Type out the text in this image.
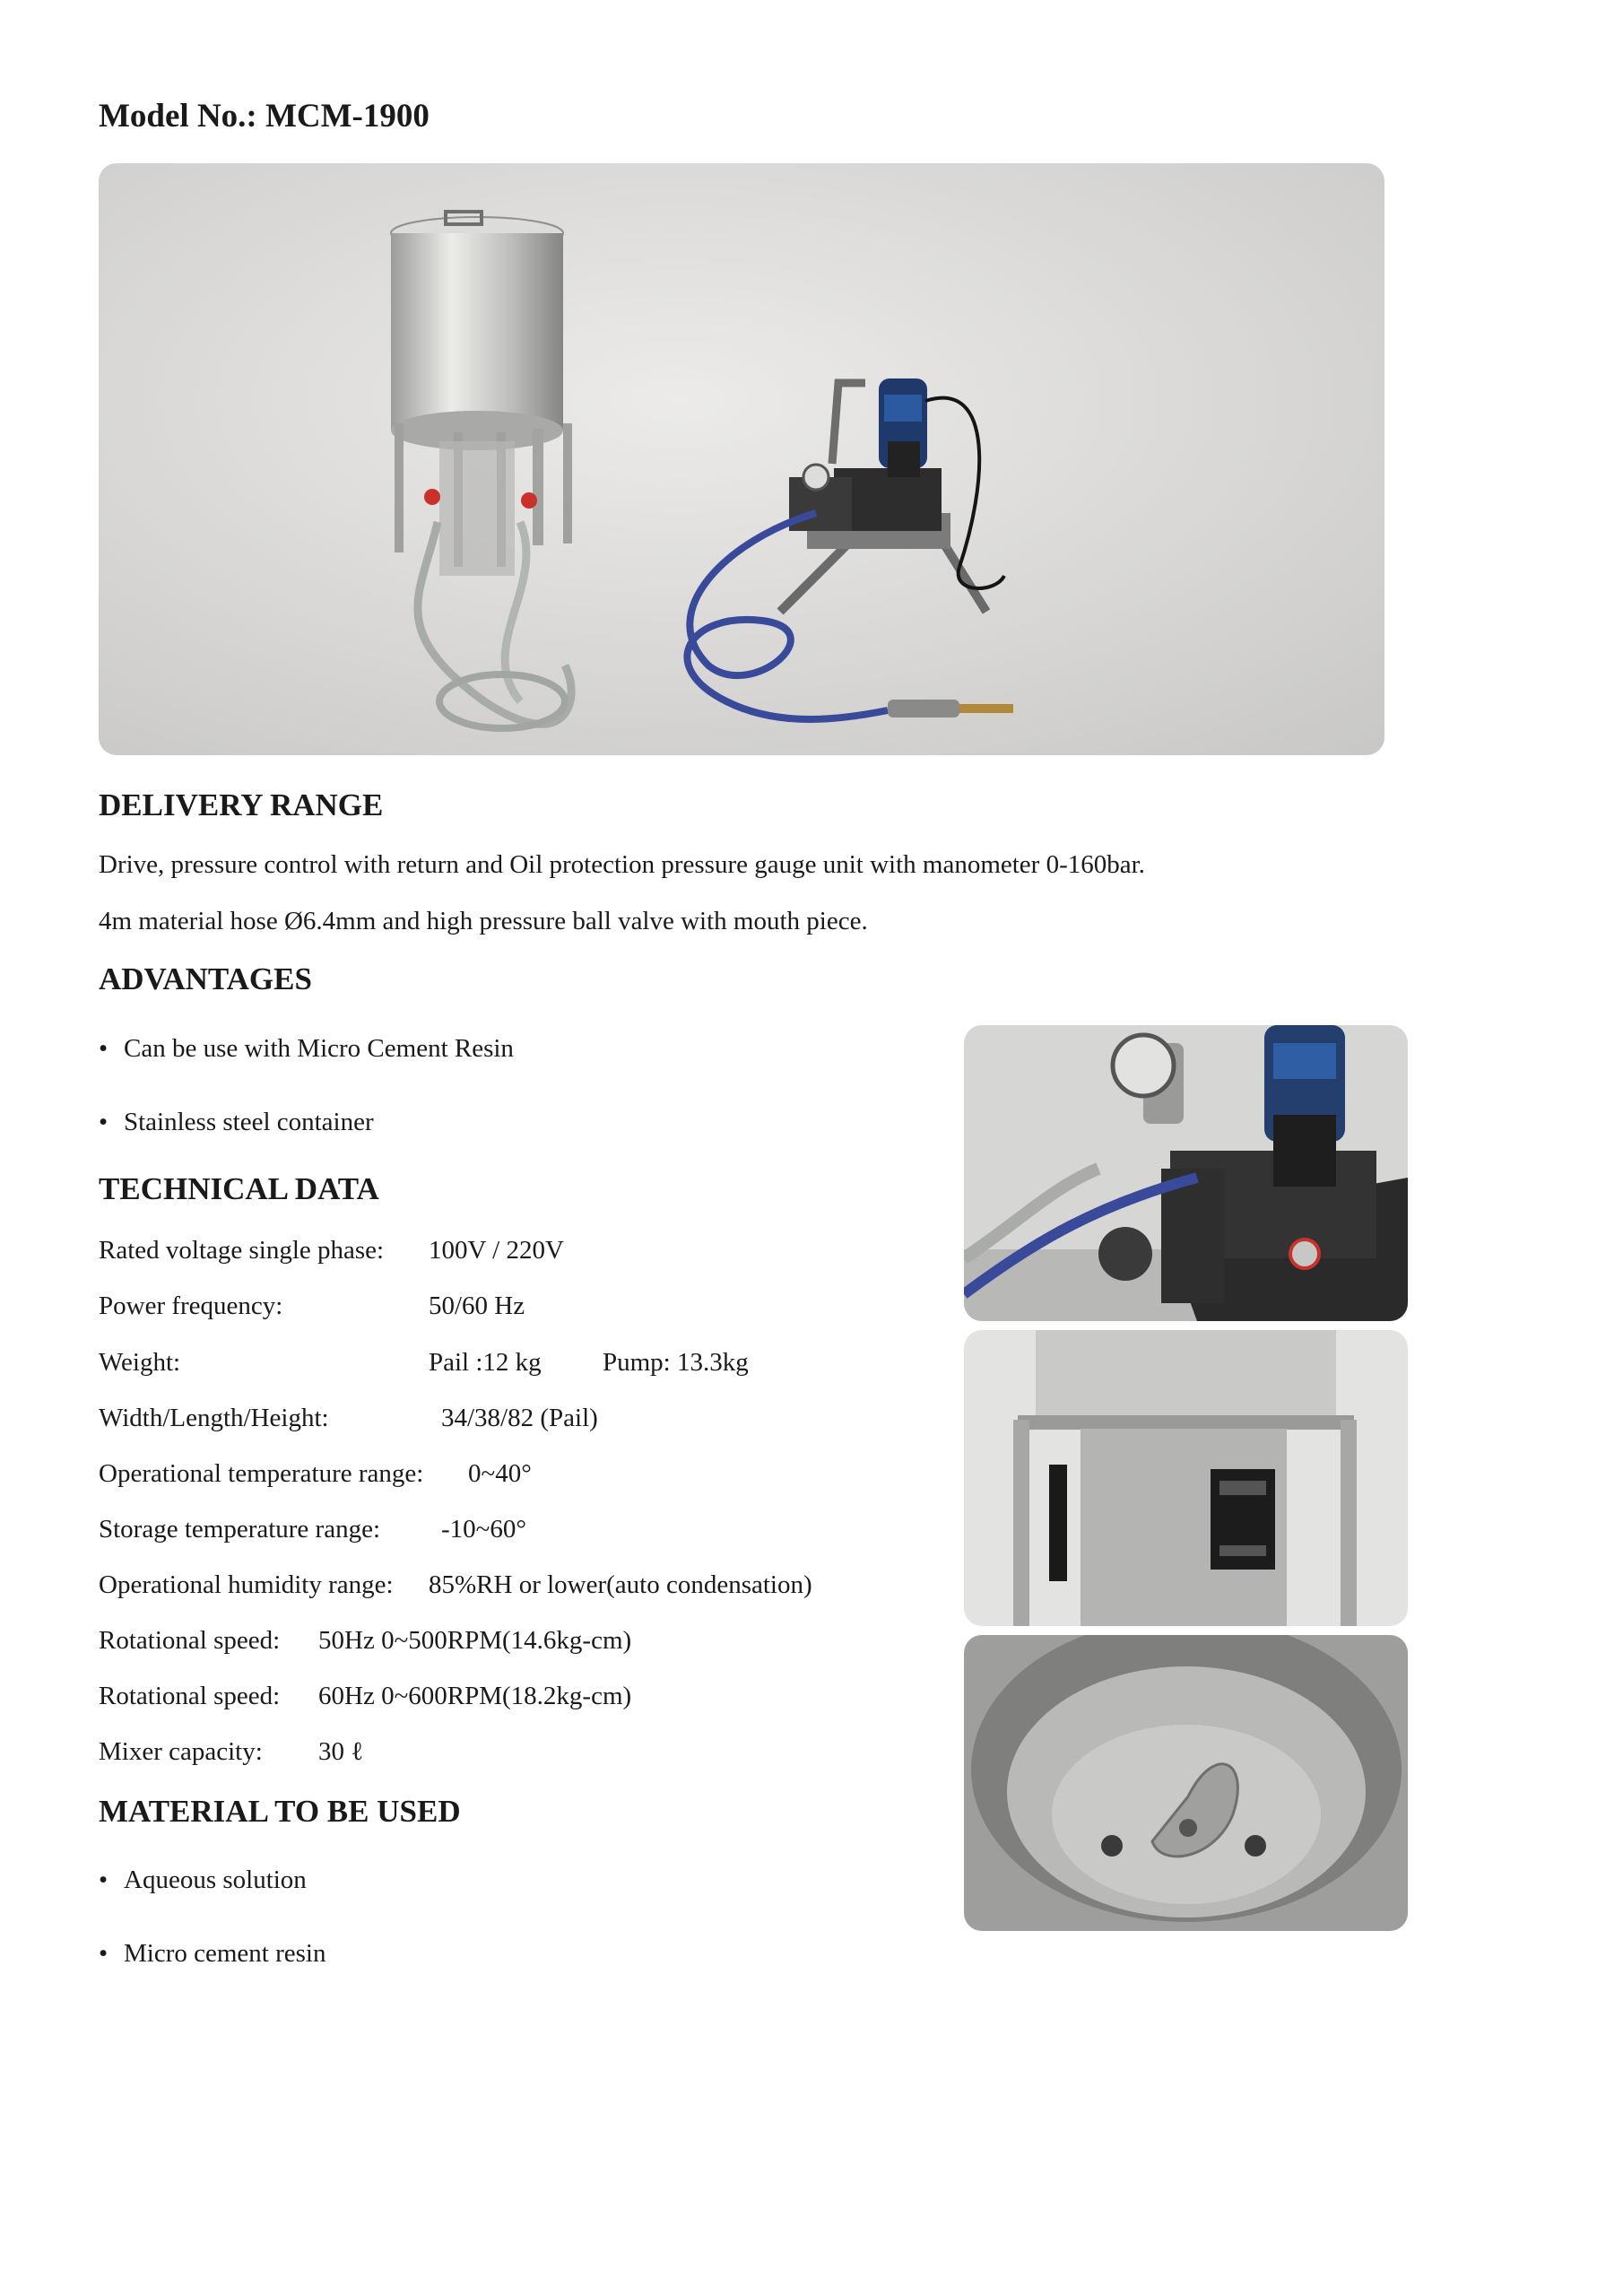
Model No.: MCM-1900
DELIVERY RANGE
Drive, pressure control with return and Oil protection pressure gauge unit with manometer 0-160bar.
4m material hose Ø6.4mm and high pressure ball valve with mouth piece.
ADVANTAGES
• Can be use with Micro Cement Resin
• Stainless steel container
TECHNICAL DATA
Rated voltage single phase: 100V / 220V
Power frequency:	50/60 Hz
Weight:	Pail :12 kg Pump: 13.3kg
Width/Length/Height:	34/38/82 (Pail)
Operational temperature range: 0~40°
Storage temperature range: -10~60°
Operational humidity range: 85%RH or lower(auto condensation)
Rotational speed: 50Hz 0~500RPM(14.6kg-cm)
Rotational speed: 60Hz 0~600RPM(18.2kg-cm)
Mixer capacity: 30 ℓ
MATERIAL TO BE USED
• Aqueous solution
• Micro cement resin
